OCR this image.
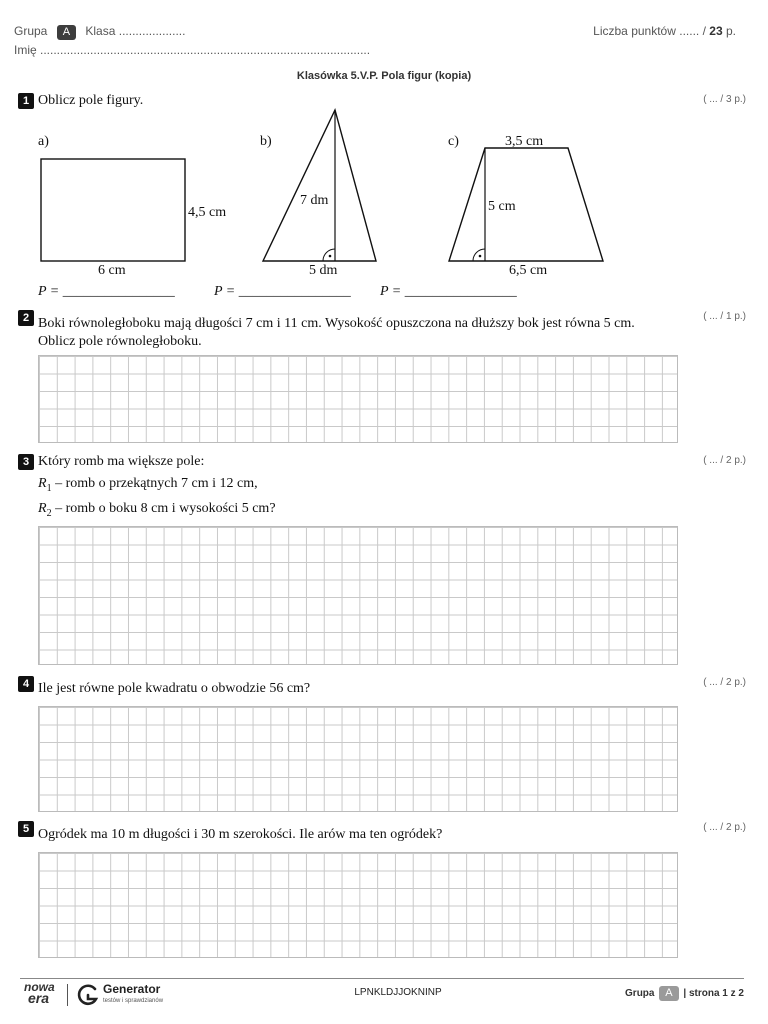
Grupa A Klasa ....................
Imię ...................................................................................................
Liczba punktów ...... / 23 p.
Klasówka 5.V.P. Pola figur (kopia)
1 Oblicz pole figury.	( ... / 3 p.)
a)
4,5 cm
6 cm
b)
7 dm
5 dm
c)	3,5 cm
5 cm
6,5 cm
P = ________________	P = ________________ P = ________________
2 Boki równoległoboku mają długości 7 cm i 11 cm. Wysokość opuszczona na dłuższy bok jest równa 5 cm.
Oblicz pole równoległoboku.
( ... / 1 p.)
3 Który romb ma większe pole:	( ... / 2 p.)
$R_1$ – romb o przekątnych 7 cm i 12 cm,
$R_2$ – romb o boku 8 cm i wysokości 5 cm?
4 Ile jest równe pole kwadratu o obwodzie 56 cm?	( ... / 2 p.)
5 Ogródek ma 10 m długości i 30 m szerokości. Ile arów ma ten ogródek?	( ... / 2 p.)
nowa
era
Generator
testów i sprawdzianów
LPNKLDJJOKNINP	Grupa A | strona 1 z 2
